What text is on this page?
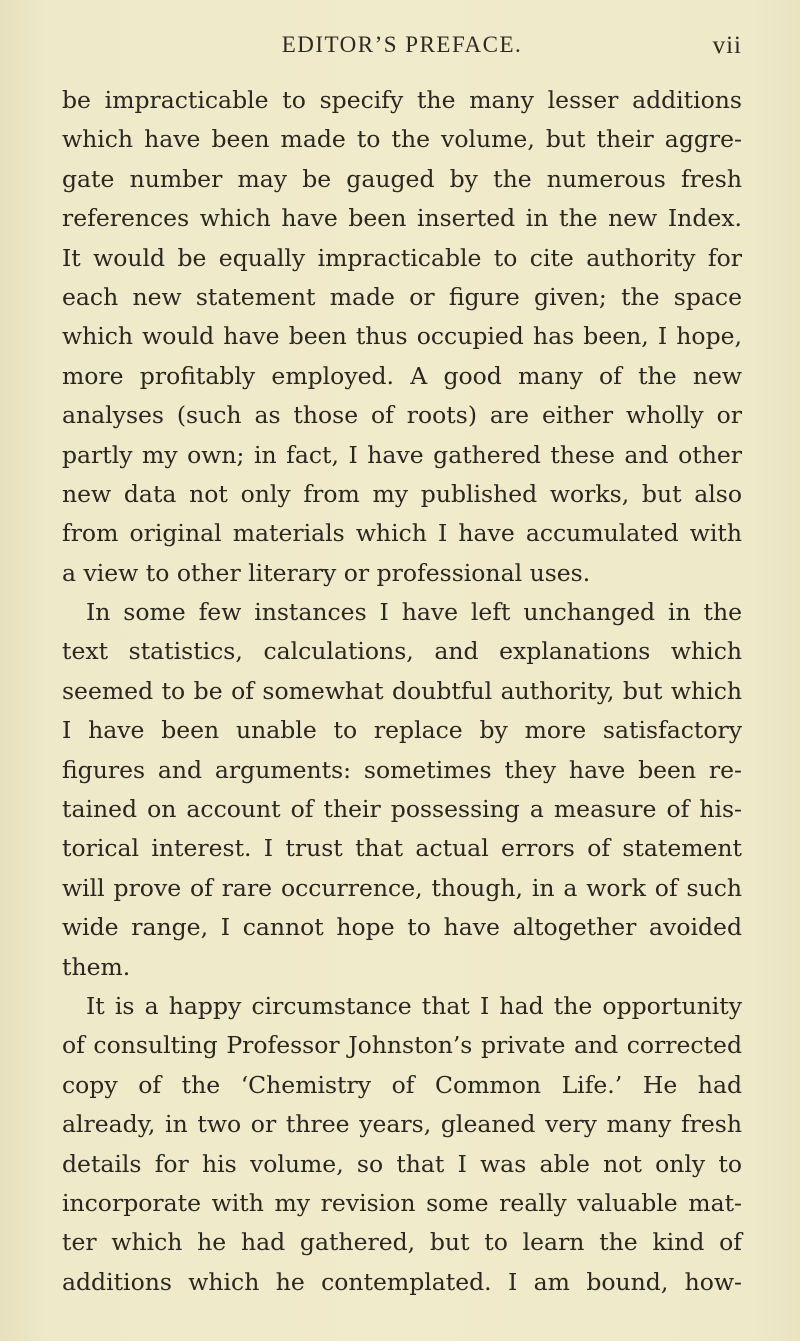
EDITOR’S PREFACE.	vii
be impracticable to specify the many lesser additions
which have been made to the volume, but their aggre-
gate number may be gauged by the numerous fresh
references which have been inserted in the new Index.
It would be equally impracticable to cite authority for
each new statement made or figure given; the space
which would have been thus occupied has been, I hope,
more profitably employed. A good many of the new
analyses (such as those of roots) are either wholly or
partly my own; in fact, I have gathered these and other
new data not only from my published works, but also
from original materials which I have accumulated with
a view to other literary or professional uses.
In some few instances I have left unchanged in the
text statistics, calculations, and explanations which
seemed to be of somewhat doubtful authority, but which
I have been unable to replace by more satisfactory
figures and arguments: sometimes they have been re-
tained on account of their possessing a measure of his-
torical interest. I trust that actual errors of statement
will prove of rare occurrence, though, in a work of such
wide range, I cannot hope to have altogether avoided
them.
It is a happy circumstance that I had the opportunity
of consulting Professor Johnston’s private and corrected
copy of the ‘Chemistry of Common Life.’ He had
already, in two or three years, gleaned very many fresh
details for his volume, so that I was able not only to
incorporate with my revision some really valuable mat-
ter which he had gathered, but to learn the kind of
additions which he contemplated. I am bound, how-
